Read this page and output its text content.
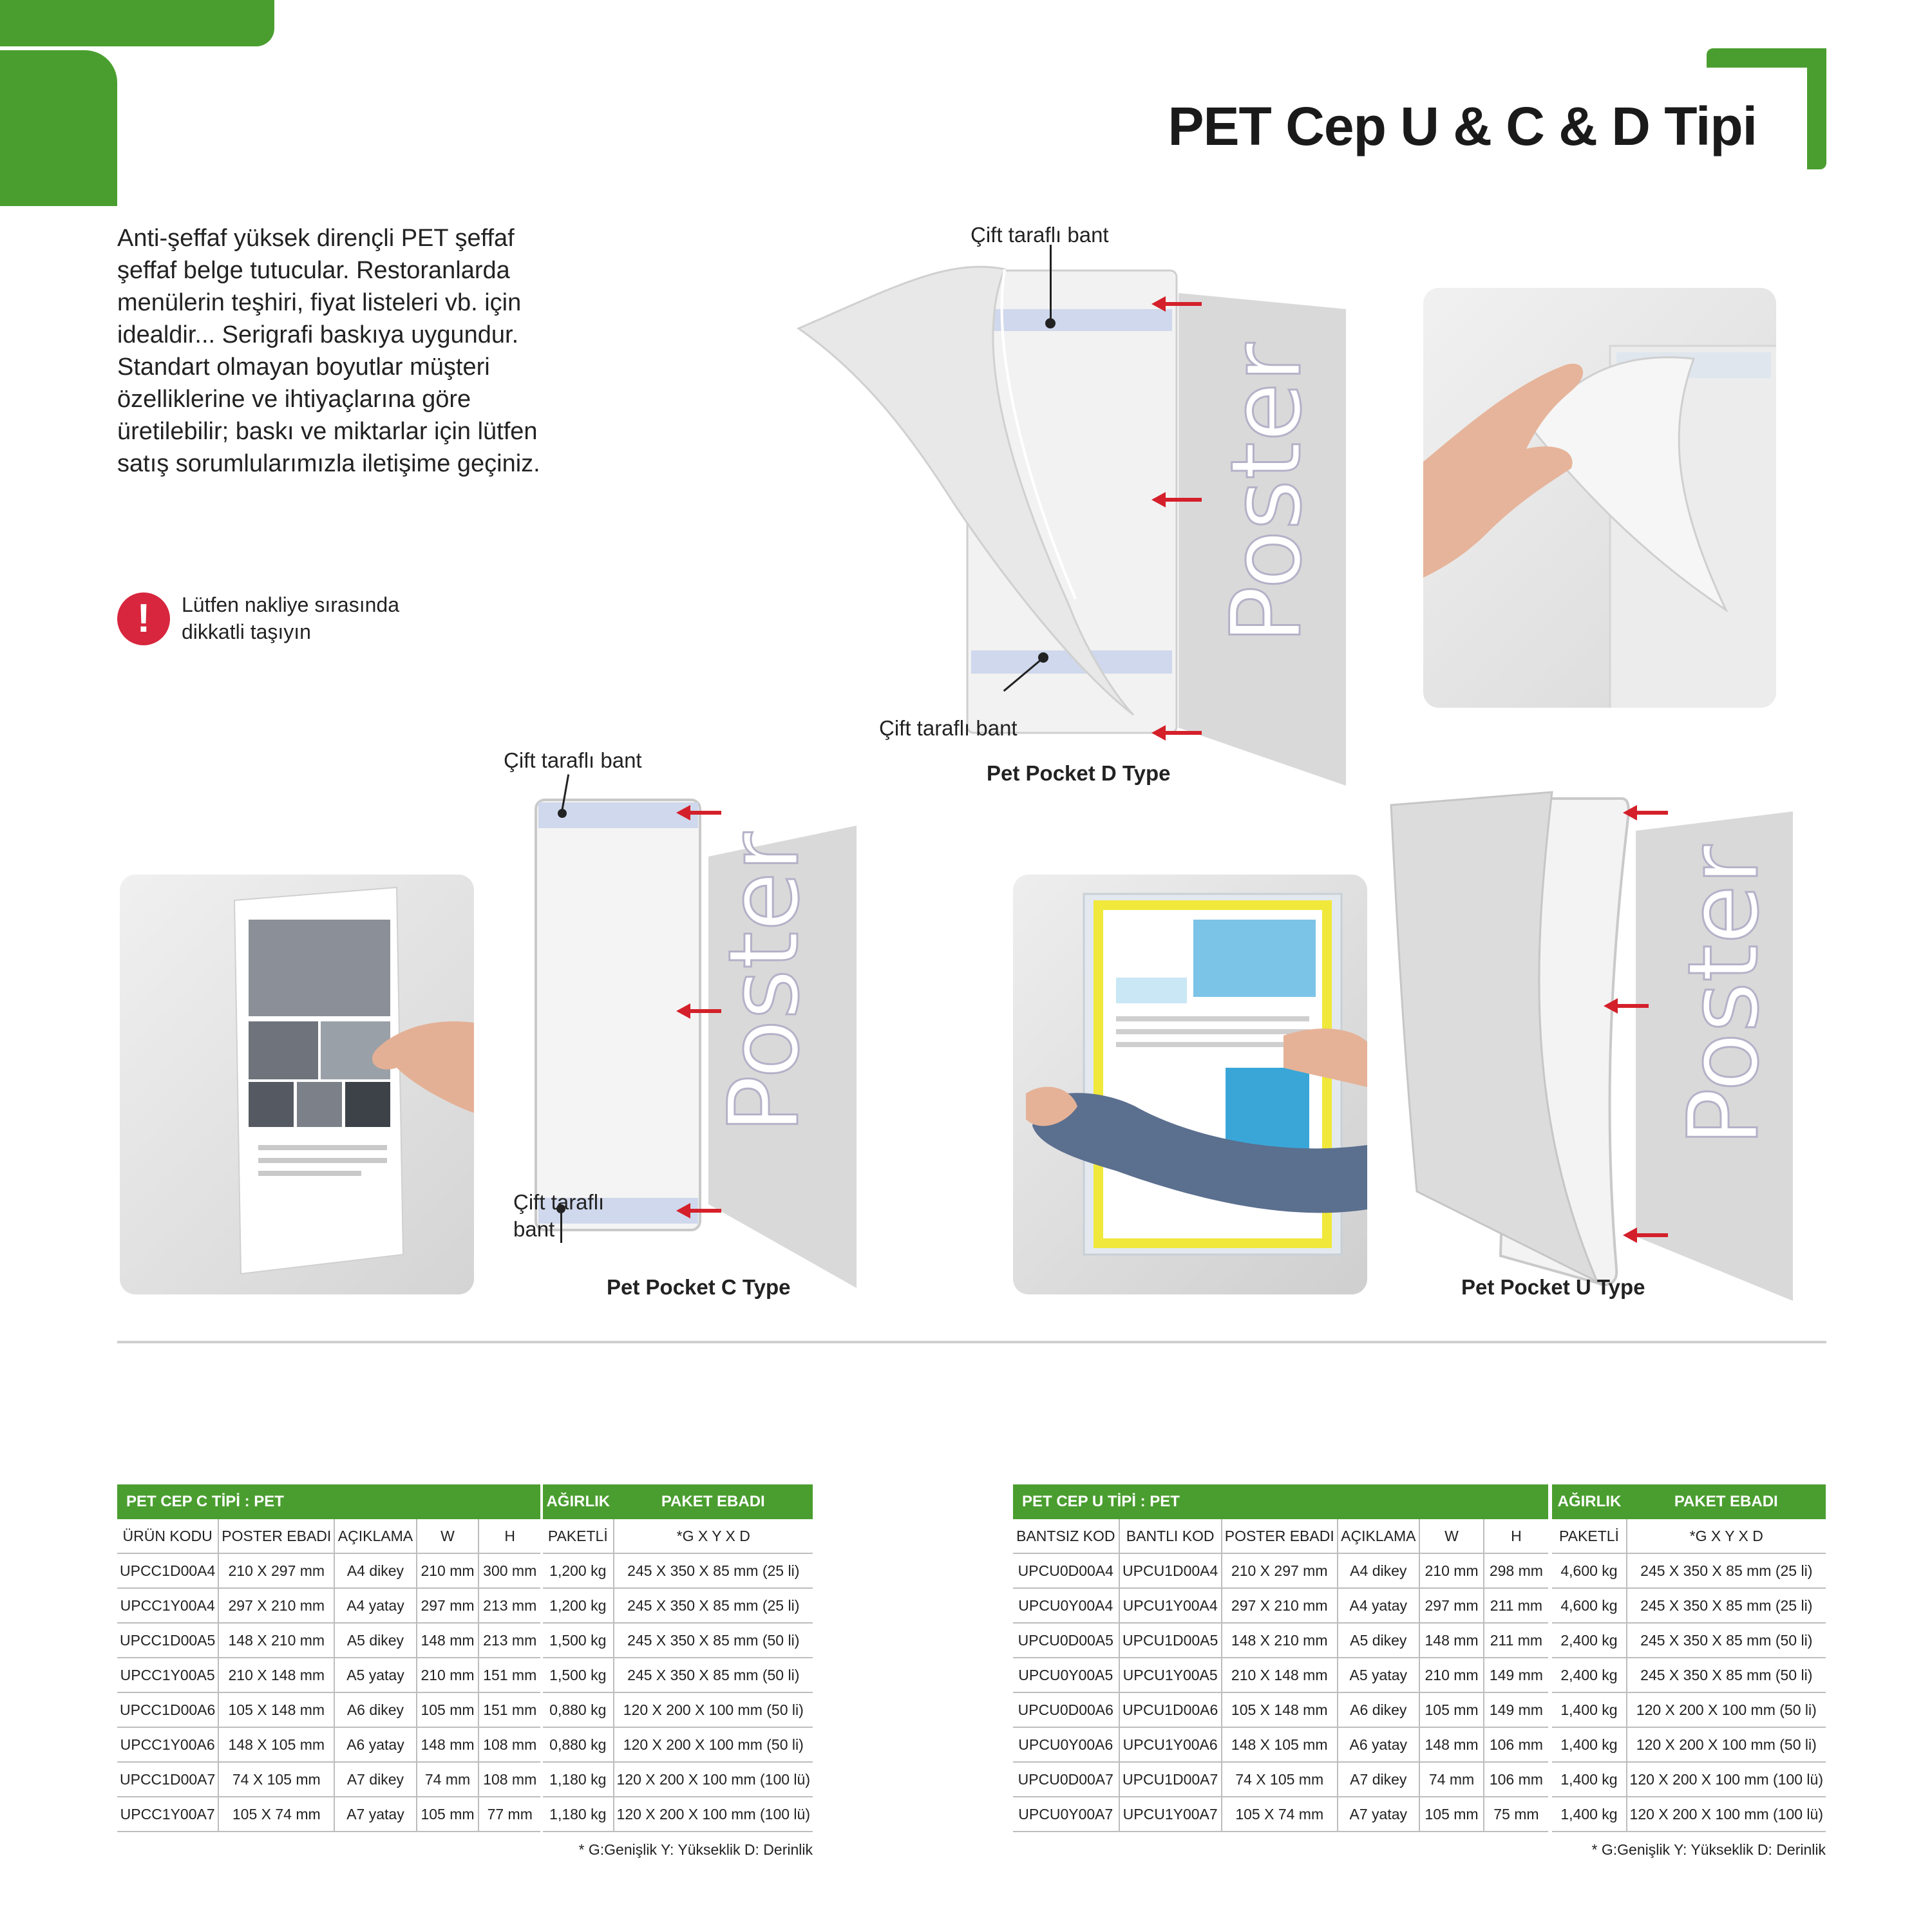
PET Cep U & C & D Tipi
Anti-şeffaf yüksek dirençli PET şeffaf şeffaf belge tutucular. Restoranlarda menülerin teşhiri, fiyat listeleri vb. için idealdir... Serigrafi baskıya uygundur. Standart olmayan boyutlar müşteri özelliklerine ve ihtiyaçlarına göre üretilebilir; baskı ve miktarlar için lütfen satış sorumlularımızla iletişime geçiniz.
!	Lütfen nakliye sırasında dikkatli taşıyın	Poster
Çift taraflı bant
Çift taraflı bant
Pet Pocket D Type
Poster
Çift taraflı bant
Çift taraflı
bant
Pet Pocket C Type
Poster
Pet Pocket U Type
PET CEP C TİPİ : PET						AĞIRLIK	PAKET EBADI
ÜRÜN KODU	POSTER EBADI	AÇIKLAMA	W	H		PAKETLİ	*G X Y X D
UPCC1D00A4	210 X 297 mm	A4 dikey	210 mm	300 mm		1,200 kg	245 X 350 X 85 mm (25 li)
UPCC1Y00A4	297 X 210 mm	A4 yatay	297 mm	213 mm		1,200 kg	245 X 350 X 85 mm (25 li)
UPCC1D00A5	148 X 210 mm	A5 dikey	148 mm	213 mm		1,500 kg	245 X 350 X 85 mm (50 li)
UPCC1Y00A5	210 X 148 mm	A5 yatay	210 mm	151 mm		1,500 kg	245 X 350 X 85 mm (50 li)
UPCC1D00A6	105 X 148 mm	A6 dikey	105 mm	151 mm		0,880 kg	120 X 200 X 100 mm (50 li)
UPCC1Y00A6	148 X 105 mm	A6 yatay	148 mm	108 mm		0,880 kg	120 X 200 X 100 mm (50 li)
UPCC1D00A7	74 X 105 mm	A7 dikey	74 mm	108 mm		1,180 kg	120 X 200 X 100 mm (100 lü)
UPCC1Y00A7	105 X 74 mm	A7 yatay	105 mm	77 mm		1,180 kg	120 X 200 X 100 mm (100 lü)
* G:Genişlik Y: Yükseklik D: Derinlik
PET CEP U TİPİ : PET							AĞIRLIK	PAKET EBADI
BANTSIZ KOD	BANTLI KOD	POSTER EBADI	AÇIKLAMA	W	H		PAKETLİ	*G X Y X D
UPCU0D00A4	UPCU1D00A4	210 X 297 mm	A4 dikey	210 mm	298 mm		4,600 kg	245 X 350 X 85 mm (25 li)
UPCU0Y00A4	UPCU1Y00A4	297 X 210 mm	A4 yatay	297 mm	211 mm		4,600 kg	245 X 350 X 85 mm (25 li)
UPCU0D00A5	UPCU1D00A5	148 X 210 mm	A5 dikey	148 mm	211 mm		2,400 kg	245 X 350 X 85 mm (50 li)
UPCU0Y00A5	UPCU1Y00A5	210 X 148 mm	A5 yatay	210 mm	149 mm		2,400 kg	245 X 350 X 85 mm (50 li)
UPCU0D00A6	UPCU1D00A6	105 X 148 mm	A6 dikey	105 mm	149 mm		1,400 kg	120 X 200 X 100 mm (50 li)
UPCU0Y00A6	UPCU1Y00A6	148 X 105 mm	A6 yatay	148 mm	106 mm		1,400 kg	120 X 200 X 100 mm (50 li)
UPCU0D00A7	UPCU1D00A7	74 X 105 mm	A7 dikey	74 mm	106 mm		1,400 kg	120 X 200 X 100 mm (100 lü)
UPCU0Y00A7	UPCU1Y00A7	105 X 74 mm	A7 yatay	105 mm	75 mm		1,400 kg	120 X 200 X 100 mm (100 lü)
* G:Genişlik Y: Yükseklik D: Derinlik
